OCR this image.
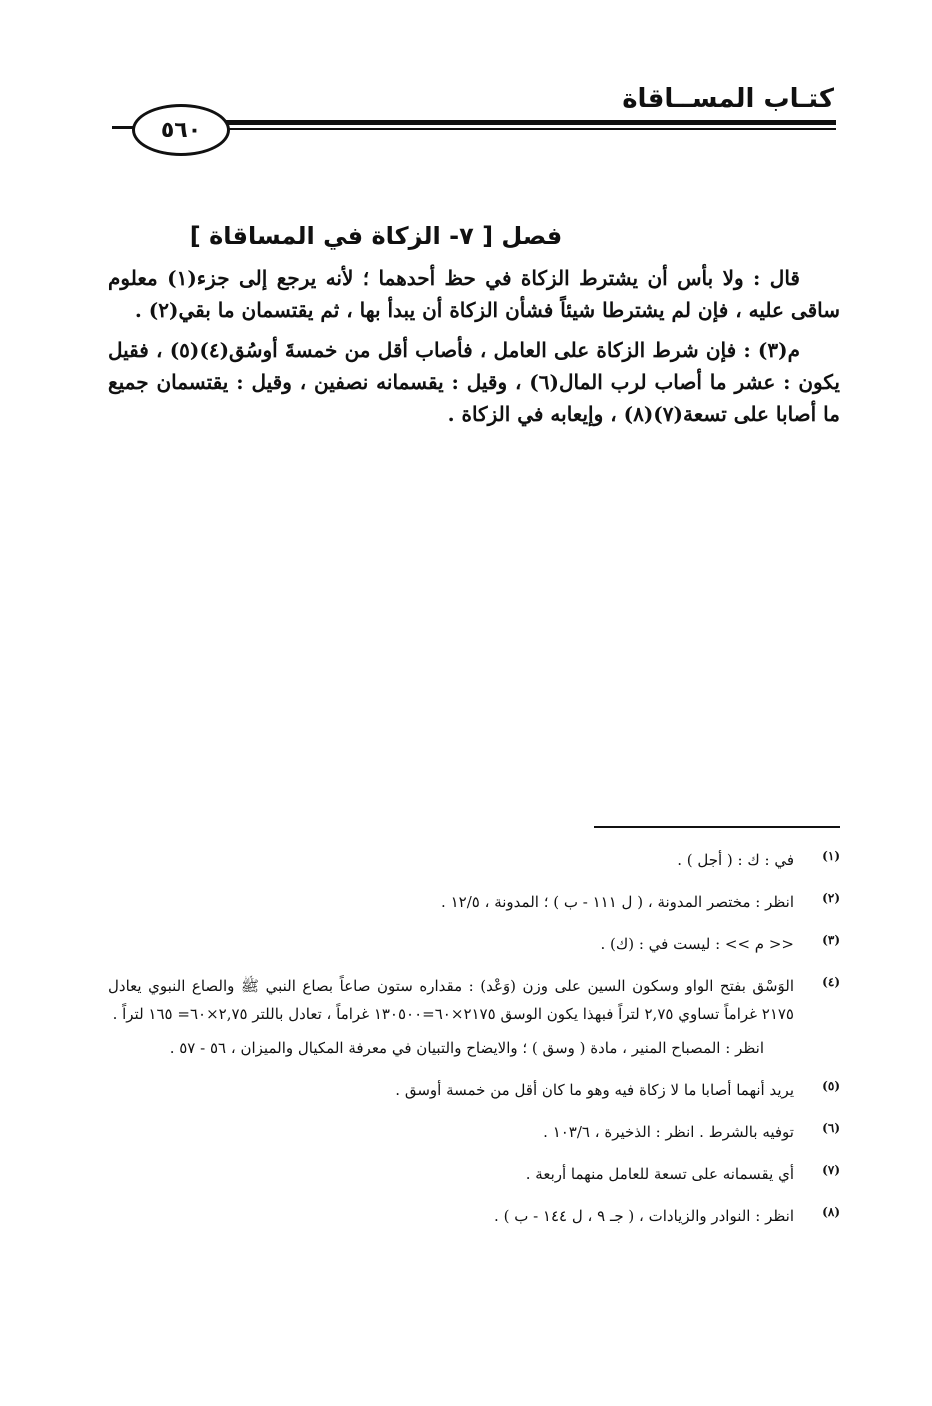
كتـاب المســاقاة
٥٦٠
فصل [ ٧- الزكاة في المساقاة ]

قال : ولا بأس أن يشترط الزكاة في حظ أحدهما ؛ لأنه يرجع إلى جزء(١) معلوم ساقى عليه ، فإن لم يشترطا شيئاً فشأن الزكاة أن يبدأ بها ، ثم يقتسمان ما بقي(٢) .

م(٣) : فإن شرط الزكاة على العامل ، فأصاب أقل من خمسةَ أوسُق(٤)(٥) ، فقيل يكون : عشر ما أصاب لرب المال(٦) ، وقيل : يقسمانه نصفين ، وقيل : يقتسمان جميع ما أصابا على تسعة(٧)(٨) ، وإيعابه في الزكاة .

(١)
في : ك : ( أجل ) .
(٢)
انظر : مختصر المدونة ، ( ل ١١١ - ب ) ؛ المدونة ، ١٢/٥ .
(٣)
<< م >> : ليست في : (ك) .
(٤)
الوَسْق بفتح الواو وسكون السين على وزن (وَعْد) : مقداره ستون صاعاً بصاع النبي ﷺ والصاع النبوي يعادل ٢١٧٥ غراماً تساوي ٢,٧٥ لتراً فبهذا يكون الوسق ٢١٧٥×٦٠=١٣٠٥٠٠ غراماً ، تعادل باللتر ٢,٧٥×٦٠= ١٦٥ لتراً .
انظر : المصباح المنير ، مادة ( وسق ) ؛ والايضاح والتبيان في معرفة المكيال والميزان ، ٥٦ - ٥٧ .
(٥)
يريد أنهما أصابا ما لا زكاة فيه وهو ما كان أقل من خمسة أوسق .
(٦)
توفيه بالشرط . انظر : الذخيرة ، ١٠٣/٦ .
(٧)
أي يقسمانه على تسعة للعامل منهما أربعة .
(٨)
انظر : النوادر والزيادات ، ( جـ ٩ ، ل ١٤٤ - ب ) .
